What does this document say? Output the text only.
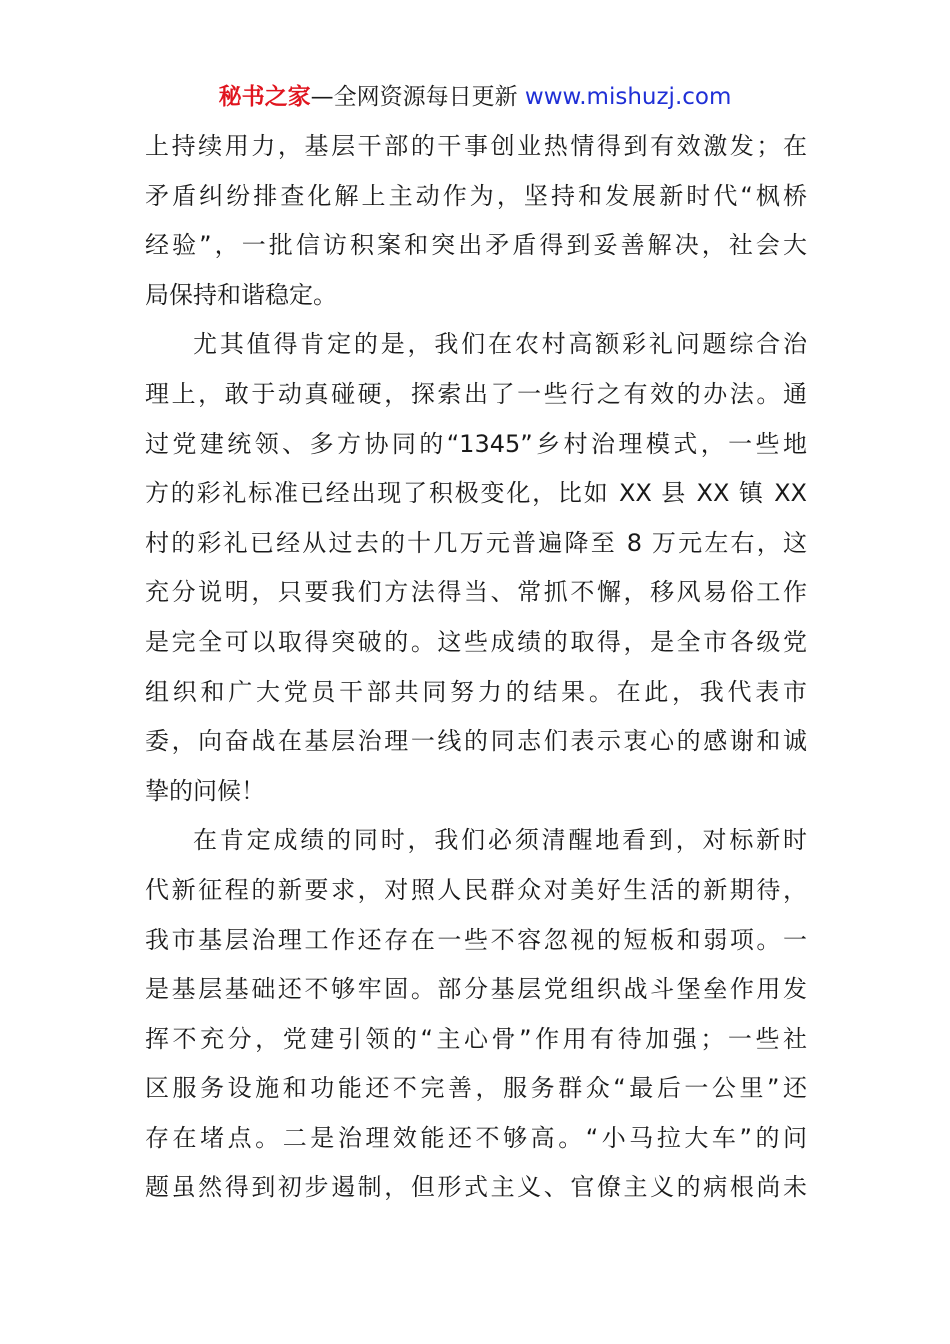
秘书之家—全网资源每日更新 www.mishuzj.com
上持续用力，基层干部的干事创业热情得到有效激发；在
矛盾纠纷排查化解上主动作为，坚持和发展新时代“枫桥
经验”，一批信访积案和突出矛盾得到妥善解决，社会大
局保持和谐稳定。
尤其值得肯定的是，我们在农村高额彩礼问题综合治
理上，敢于动真碰硬，探索出了一些行之有效的办法。通
过党建统领、多方协同的“1345”乡村治理模式，一些地
方的彩礼标准已经出现了积极变化，比如 XX 县 XX 镇 XX
村的彩礼已经从过去的十几万元普遍降至 8 万元左右，这
充分说明，只要我们方法得当、常抓不懈，移风易俗工作
是完全可以取得突破的。这些成绩的取得，是全市各级党
组织和广大党员干部共同努力的结果。在此，我代表市
委，向奋战在基层治理一线的同志们表示衷心的感谢和诚
挚的问候！
在肯定成绩的同时，我们必须清醒地看到，对标新时
代新征程的新要求，对照人民群众对美好生活的新期待，
我市基层治理工作还存在一些不容忽视的短板和弱项。一
是基层基础还不够牢固。部分基层党组织战斗堡垒作用发
挥不充分，党建引领的“主心骨”作用有待加强；一些社
区服务设施和功能还不完善，服务群众“最后一公里”还
存在堵点。二是治理效能还不够高。“小马拉大车”的问
题虽然得到初步遏制，但形式主义、官僚主义的病根尚未
